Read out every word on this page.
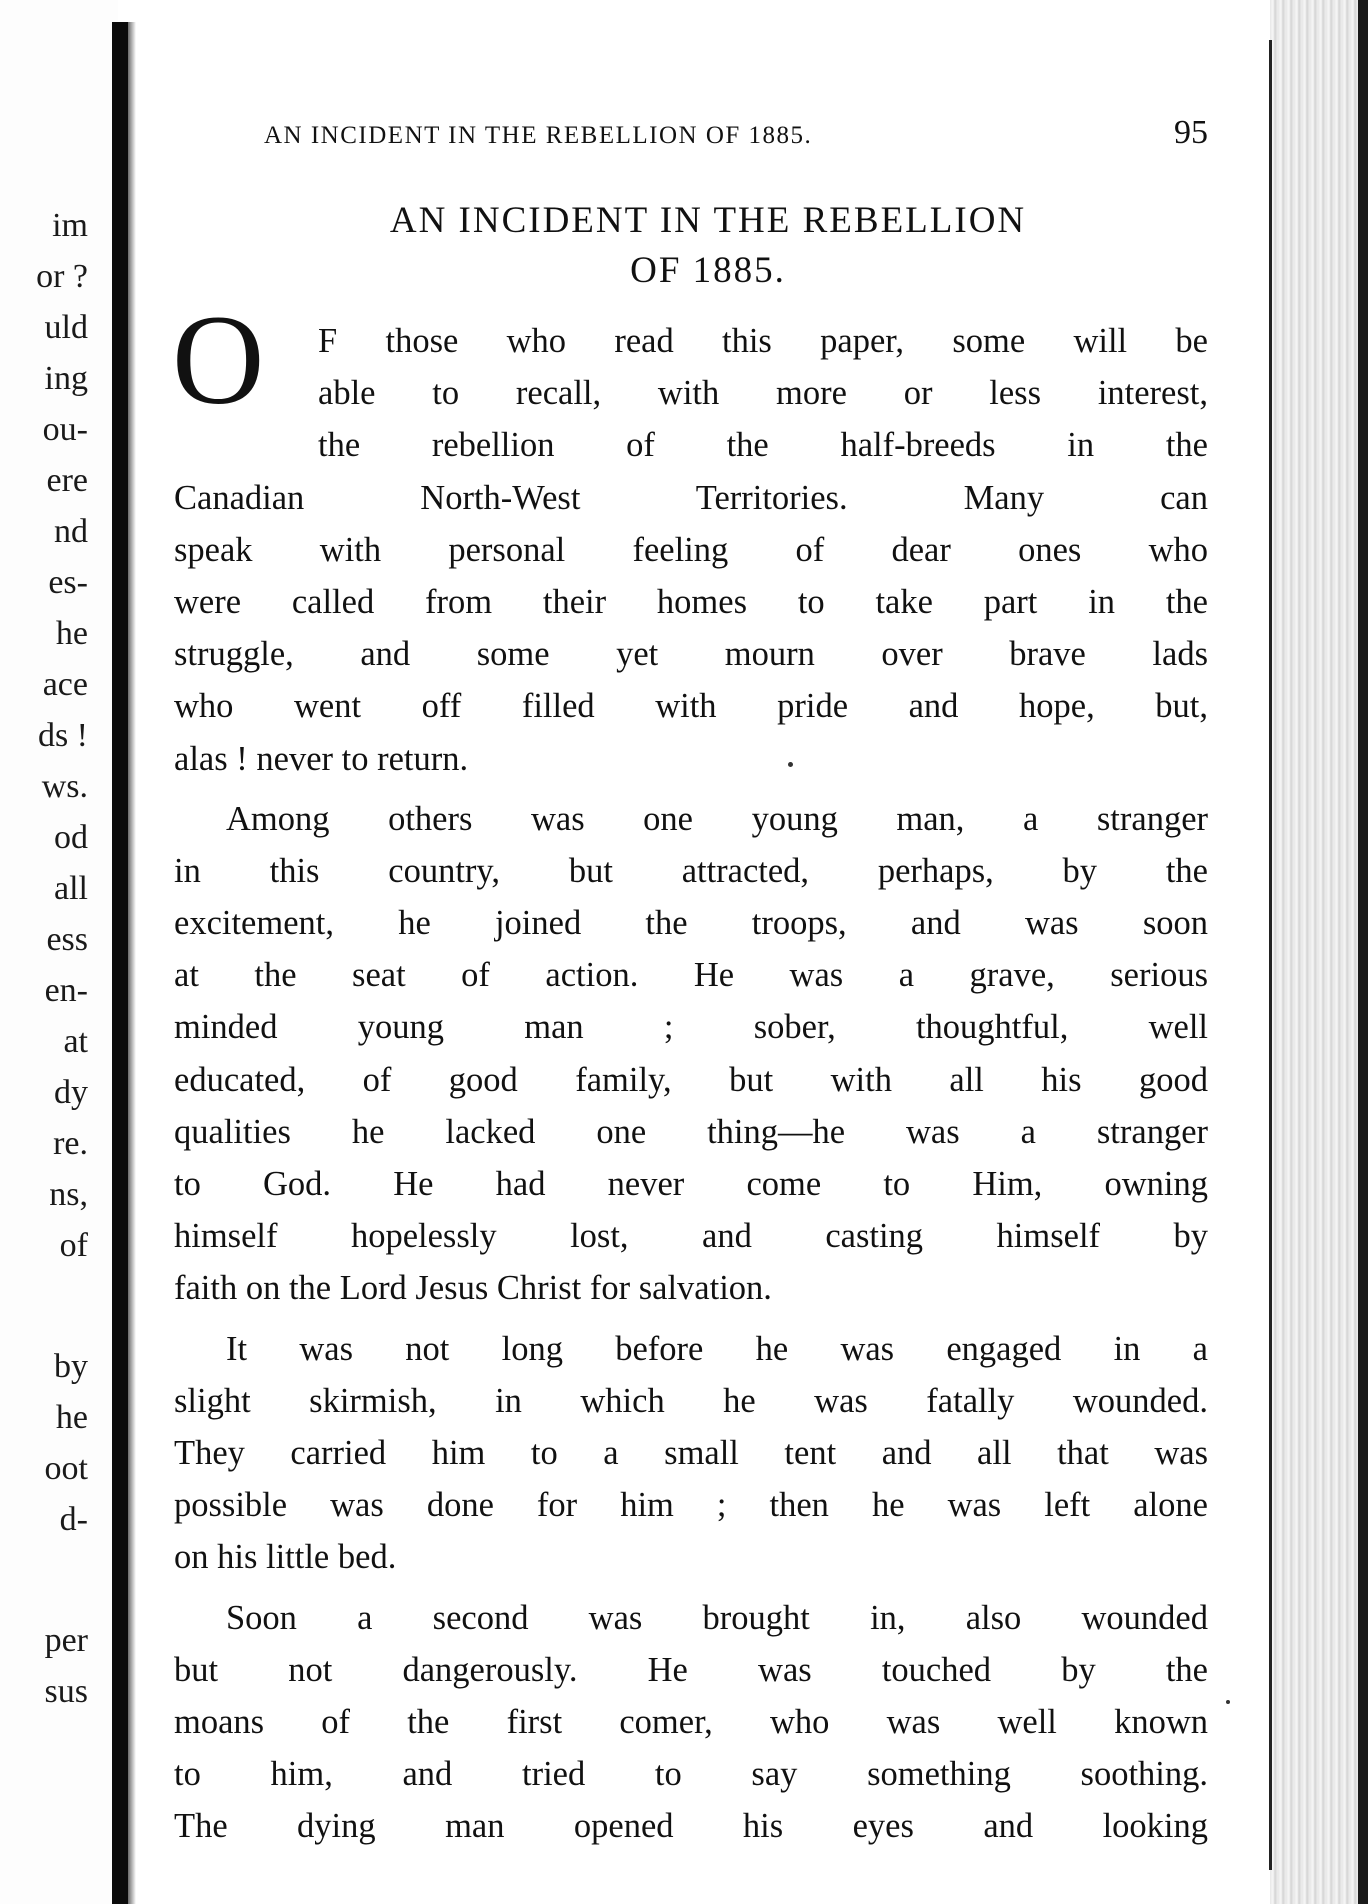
im
or ?
uld
ing
ou-
ere
nd
es-
he
ace
ds !
ws.
od
all
ess
en-
at
dy
re.
ns,
of
by
he
oot
d-
per
sus
AN INCIDENT IN THE REBELLION OF 1885.	95
AN INCIDENT IN THE REBELLION
OF 1885.
O	F those who read this paper, some will be
able to recall, with more or less interest,
the rebellion of the half-breeds in the
Canadian North-West Territories. Many can
speak with personal feeling of dear ones who
were called from their homes to take part in the
struggle, and some yet mourn over brave lads
who went off filled with pride and hope, but,
alas ! never to return.
Among others was one young man, a stranger
in this country, but attracted, perhaps, by the
excitement, he joined the troops, and was soon
at the seat of action. He was a grave, serious
minded young man ; sober, thoughtful, well
educated, of good family, but with all his good
qualities he lacked one thing—he was a stranger
to God. He had never come to Him, owning
himself hopelessly lost, and casting himself by
faith on the Lord Jesus Christ for salvation.
It was not long before he was engaged in a
slight skirmish, in which he was fatally wounded.
They carried him to a small tent and all that was
possible was done for him ; then he was left alone
on his little bed.
Soon a second was brought in, also wounded
but not dangerously. He was touched by the
moans of the first comer, who was well known
to him, and tried to say something soothing.
The dying man opened his eyes and looking
